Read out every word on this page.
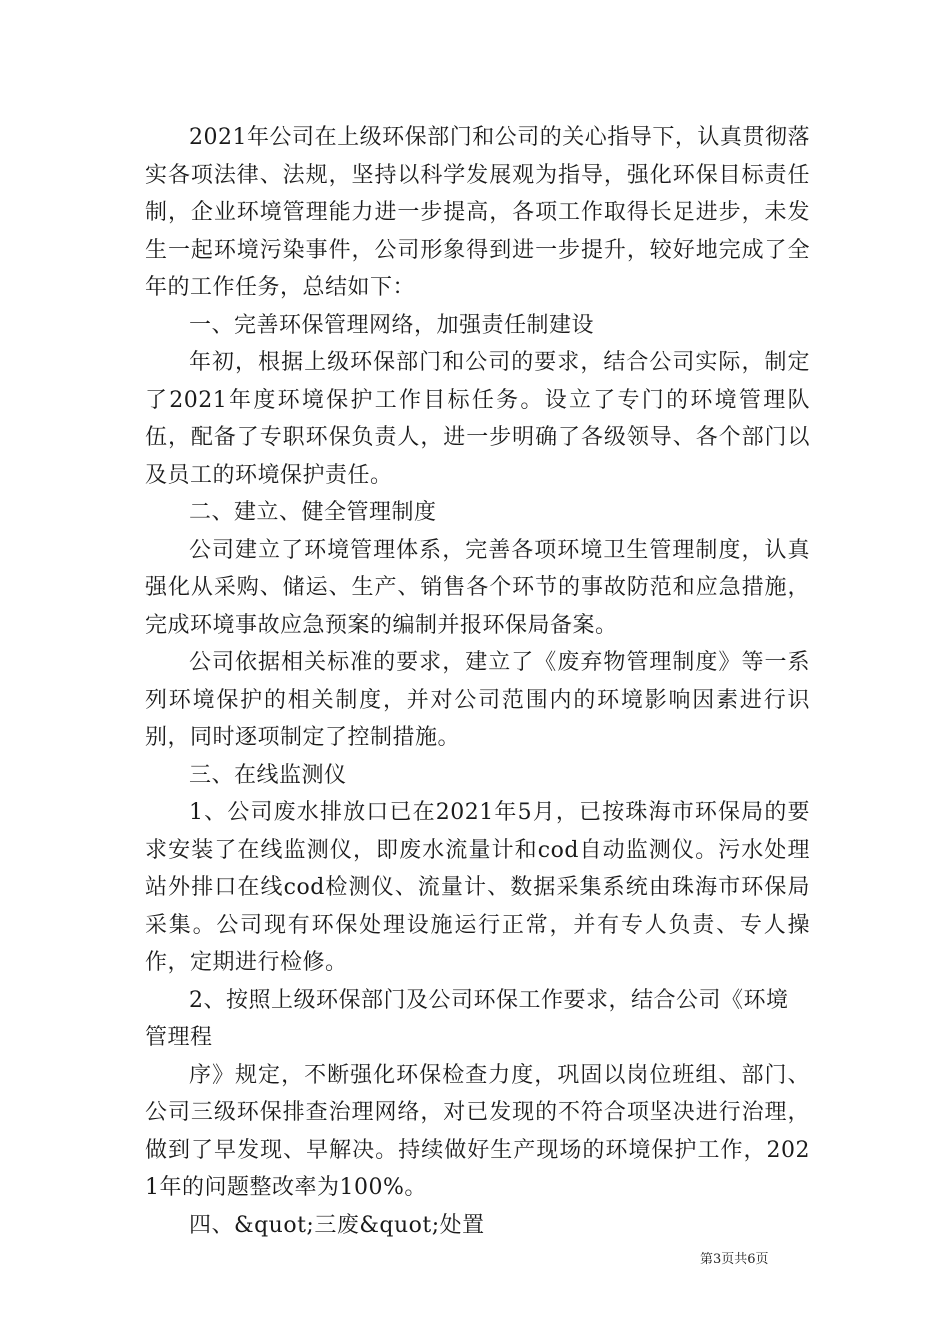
2021年公司在上级环保部门和公司的关心指导下，认真贯彻落实各项法律、法规，坚持以科学发展观为指导，强化环保目标责任制，企业环境管理能力进一步提高，各项工作取得长足进步，未发生一起环境污染事件，公司形象得到进一步提升，较好地完成了全年的工作任务，总结如下：

一、完善环保管理网络，加强责任制建设

年初，根据上级环保部门和公司的要求，结合公司实际，制定了2021年度环境保护工作目标任务。设立了专门的环境管理队伍，配备了专职环保负责人，进一步明确了各级领导、各个部门以及员工的环境保护责任。

二、建立、健全管理制度

公司建立了环境管理体系，完善各项环境卫生管理制度，认真强化从采购、储运、生产、销售各个环节的事故防范和应急措施，完成环境事故应急预案的编制并报环保局备案。

公司依据相关标准的要求，建立了《废弃物管理制度》等一系列环境保护的相关制度，并对公司范围内的环境影响因素进行识别，同时逐项制定了控制措施。

三、在线监测仪

1、公司废水排放口已在2021年5月，已按珠海市环保局的要求安装了在线监测仪，即废水流量计和cod自动监测仪。污水处理站外排口在线cod检测仪、流量计、数据采集系统由珠海市环保局采集。公司现有环保处理设施运行正常，并有专人负责、专人操作，定期进行检修。

2、按照上级环保部门及公司环保工作要求，结合公司《环境管理程

序》规定，不断强化环保检查力度，巩固以岗位班组、部门、公司三级环保排查治理网络，对已发现的不符合项坚决进行治理，做到了早发现、早解决。持续做好生产现场的环境保护工作，2021年的问题整改率为100%。

四、&quot;三废&quot;处置

第3页共6页
